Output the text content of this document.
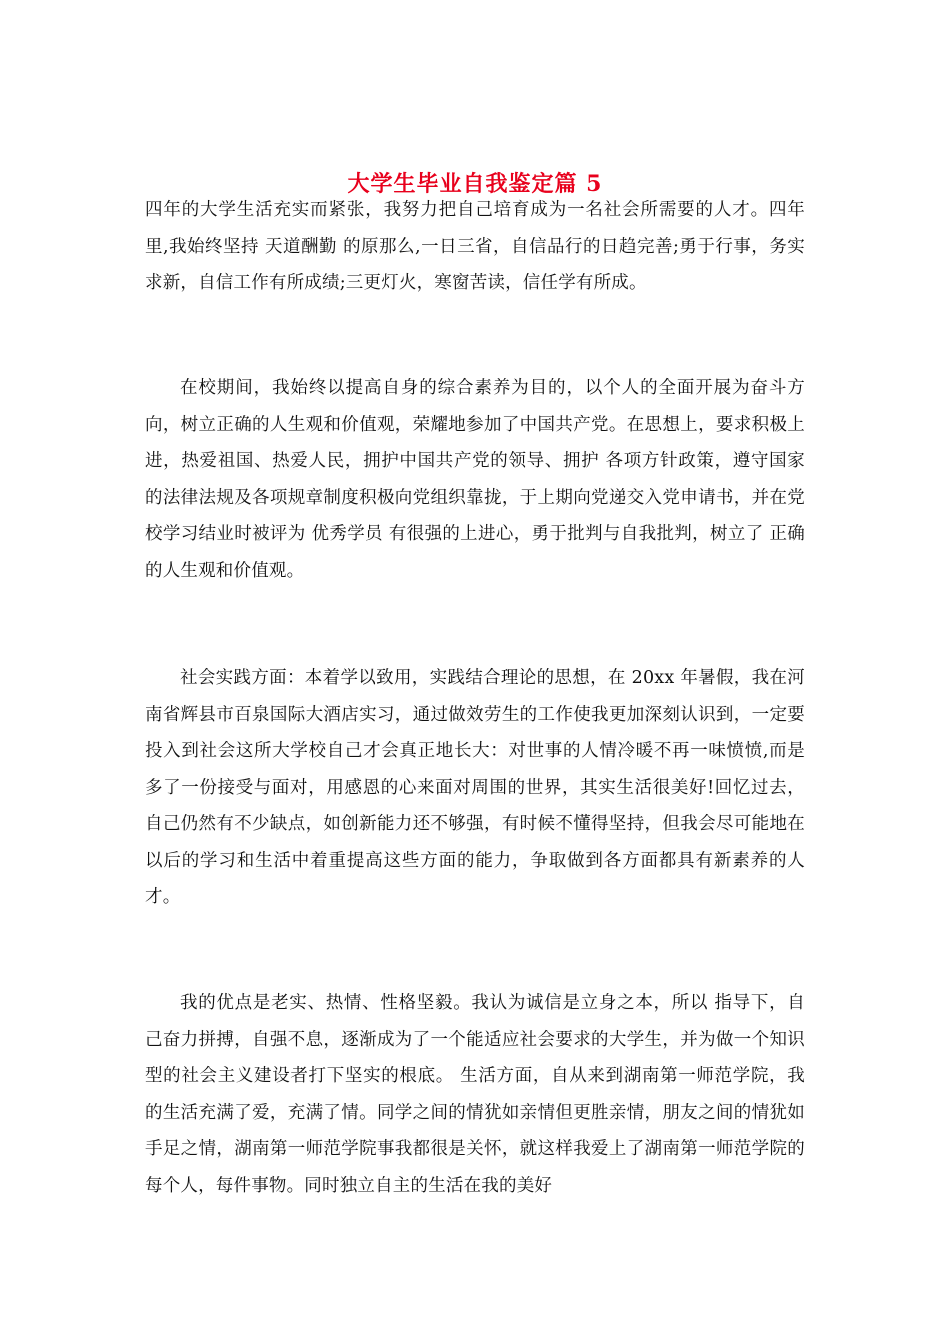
大学生毕业自我鉴定篇 5

四年的大学生活充实而紧张，我努力把自己培育成为一名社会所需要的人才。四年里,我始终坚持 天道酬勤 的原那么,一日三省，自信品行的日趋完善;勇于行事，务实求新，自信工作有所成绩;三更灯火，寒窗苦读，信任学有所成。

在校期间，我始终以提高自身的综合素养为目的，以个人的全面开展为奋斗方向，树立正确的人生观和价值观，荣耀地参加了中国共产党。在思想上，要求积极上进，热爱祖国、热爱人民，拥护中国共产党的领导、拥护 各项方针政策，遵守国家的法律法规及各项规章制度积极向党组织靠拢，于上期向党递交入党申请书，并在党校学习结业时被评为 优秀学员 有很强的上进心，勇于批判与自我批判，树立了 正确的人生观和价值观。

社会实践方面：本着学以致用，实践结合理论的思想，在 20xx 年暑假，我在河南省辉县市百泉国际大酒店实习，通过做效劳生的工作使我更加深刻认识到，一定要投入到社会这所大学校自己才会真正地长大：对世事的人情冷暖不再一味愤愤,而是多了一份接受与面对，用感恩的心来面对周围的世界，其实生活很美好!回忆过去，自己仍然有不少缺点，如创新能力还不够强，有时候不懂得坚持，但我会尽可能地在以后的学习和生活中着重提高这些方面的能力，争取做到各方面都具有新素养的人才。

我的优点是老实、热情、性格坚毅。我认为诚信是立身之本，所以 指导下，自己奋力拼搏，自强不息，逐渐成为了一个能适应社会要求的大学生，并为做一个知识型的社会主义建设者打下坚实的根底。 生活方面，自从来到湖南第一师范学院，我的生活充满了爱，充满了情。同学之间的情犹如亲情但更胜亲情，朋友之间的情犹如手足之情，湖南第一师范学院事我都很是关怀，就这样我爱上了湖南第一师范学院的每个人，每件事物。同时独立自主的生活在我的美好
